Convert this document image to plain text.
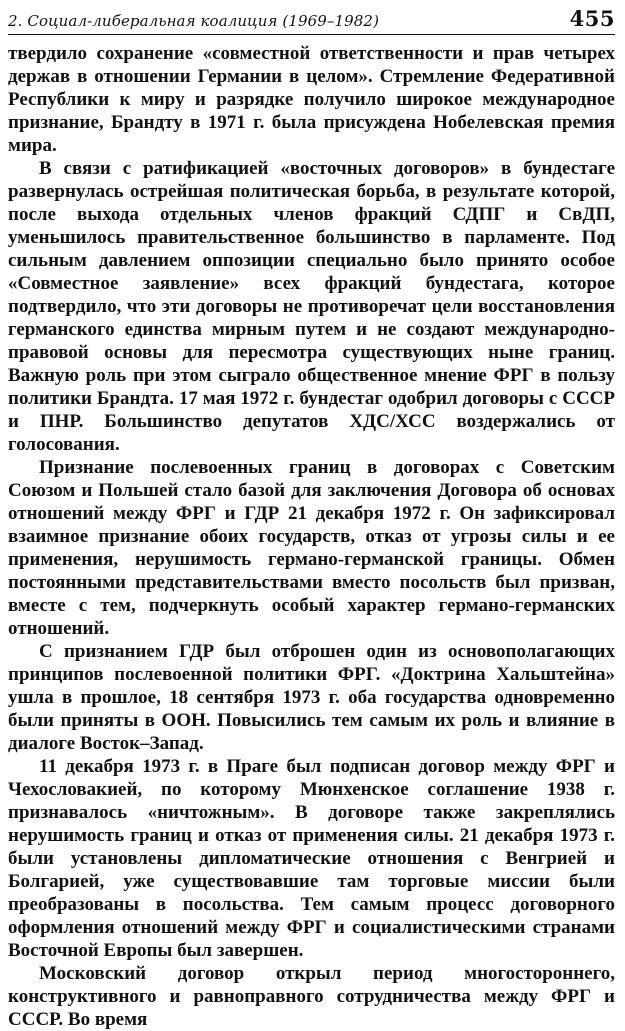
2. Социал-либеральная коалиция (1969–1982)	455

твердило сохранение «совместной ответственности и прав четырех держав в отношении Германии в целом». Стремление Федеративной Республики к миру и разрядке получило широкое международное признание, Брандту в 1971 г. была присуждена Нобелевская премия мира.

В связи с ратификацией «восточных договоров» в бундестаге развернулась острейшая политическая борьба, в результате которой, после выхода отдельных членов фракций СДПГ и СвДП, уменьшилось правительственное большинство в парламенте. Под сильным давлением оппозиции специально было принято особое «Совместное заявление» всех фракций бундестага, которое подтвердило, что эти договоры не противоречат цели восстановления германского единства мирным путем и не создают международно-правовой основы для пересмотра существующих ныне границ. Важную роль при этом сыграло общественное мнение ФРГ в пользу политики Брандта. 17 мая 1972 г. бундестаг одобрил договоры с СССР и ПНР. Большинство депутатов ХДС/ХСС воздержались от голосования.

Признание послевоенных границ в договорах с Советским Союзом и Польшей стало базой для заключения Договора об основах отношений между ФРГ и ГДР 21 декабря 1972 г. Он зафиксировал взаимное признание обоих государств, отказ от угрозы силы и ее применения, нерушимость германо-германской границы. Обмен постоянными представительствами вместо посольств был призван, вместе с тем, подчеркнуть особый характер германо-германских отношений.

С признанием ГДР был отброшен один из основополагающих принципов послевоенной политики ФРГ. «Доктрина Хальштейна» ушла в прошлое, 18 сентября 1973 г. оба государства одновременно были приняты в ООН. Повысились тем самым их роль и влияние в диалоге Восток–Запад.

11 декабря 1973 г. в Праге был подписан договор между ФРГ и Чехословакией, по которому Мюнхенское соглашение 1938 г. признавалось «ничтожным». В договоре также закреплялись нерушимость границ и отказ от применения силы. 21 декабря 1973 г. были установлены дипломатические отношения с Венгрией и Болгарией, уже существовавшие там торговые миссии были преобразованы в посольства. Тем самым процесс договорного оформления отношений между ФРГ и социалистическими странами Восточной Европы был завершен.

Московский договор открыл период многостороннего, конструктивного и равноправного сотрудничества между ФРГ и СССР. Во время
